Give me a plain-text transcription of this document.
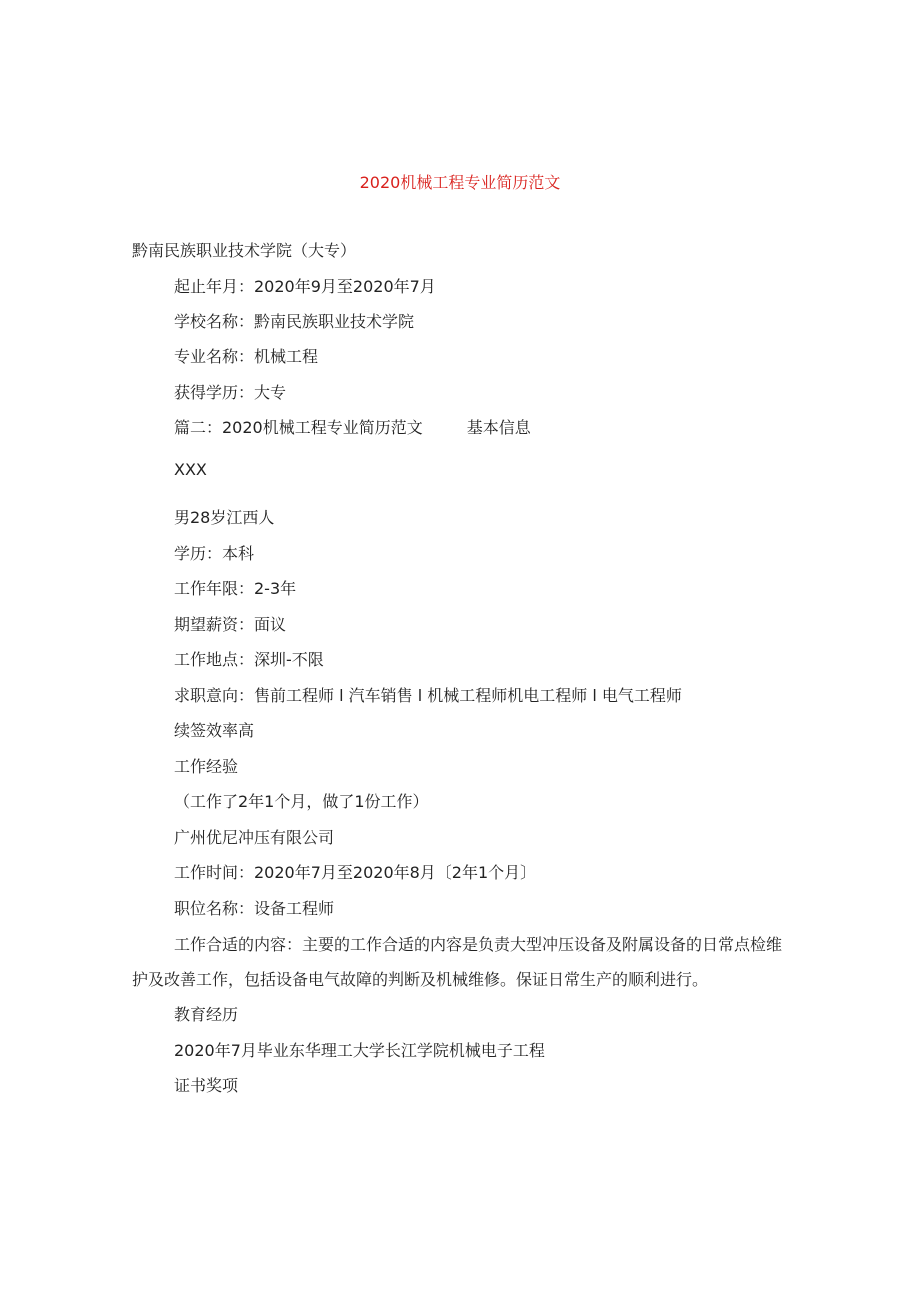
2020机械工程专业简历范文
黔南民族职业技术学院（大专）
起止年月：2020年9月至2020年7月
学校名称：黔南民族职业技术学院
专业名称：机械工程
获得学历：大专
篇二：2020机械工程专业简历范文	基本信息
XXX
男28岁江西人
学历：本科
工作年限：2-3年
期望薪资：面议
工作地点：深圳-不限
求职意向：售前工程师 l 汽车销售 l 机械工程师机电工程师 l 电气工程师
续签效率高
工作经验
（工作了2年1个月，做了1份工作）
广州优尼冲压有限公司
工作时间：2020年7月至2020年8月〔2年1个月〕
职位名称：设备工程师
工作合适的内容：主要的工作合适的内容是负责大型冲压设备及附属设备的日常点检维护及改善工作，包括设备电气故障的判断及机械维修。保证日常生产的顺利进行。
教育经历
2020年7月毕业东华理工大学长江学院机械电子工程
证书奖项
